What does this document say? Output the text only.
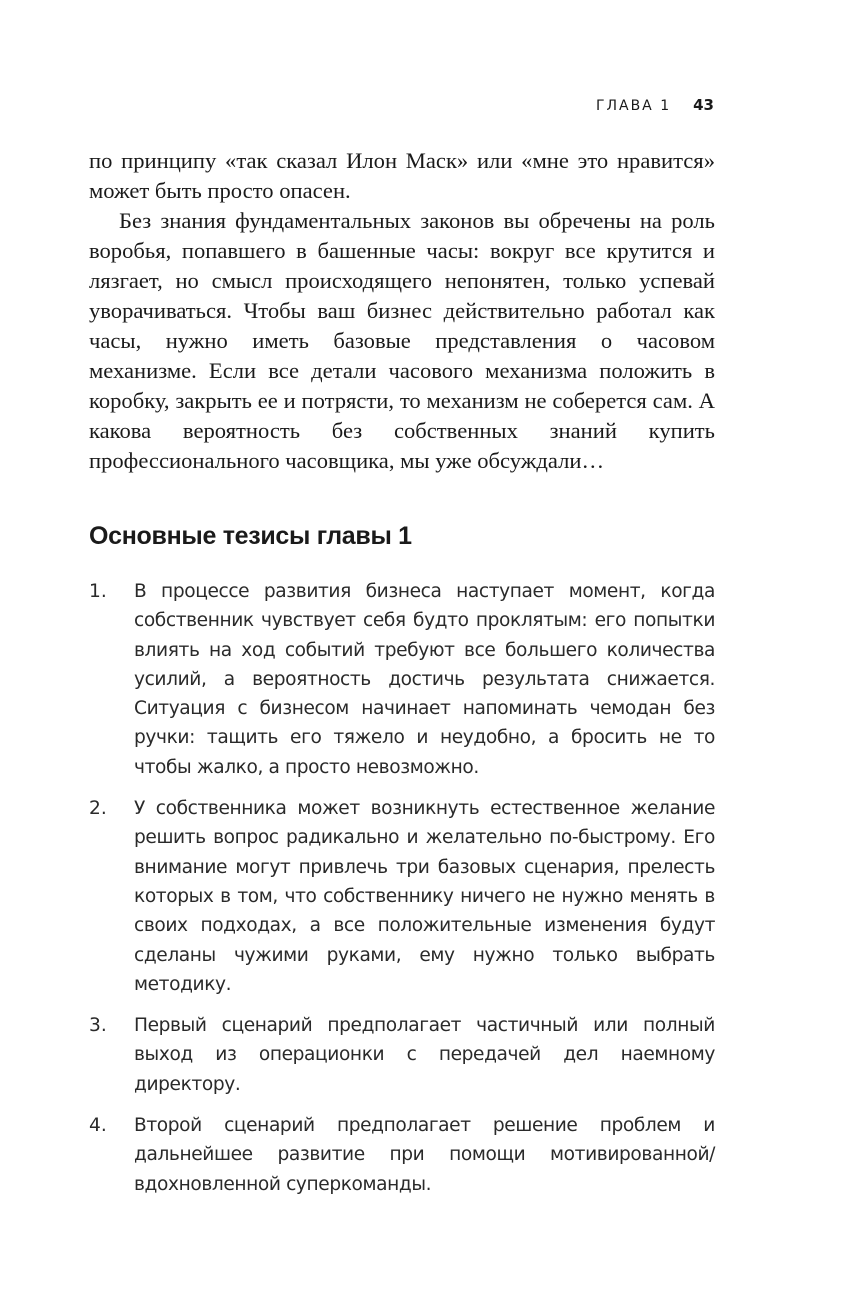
ГЛАВА 1 43

по принципу «так сказал Илон Маск» или «мне это нравится» может быть просто опасен.

Без знания фундаментальных законов вы обречены на роль воробья, попавшего в башенные часы: вокруг все крутится и лязгает, но смысл происходящего непонятен, только успевай уворачиваться. Чтобы ваш бизнес действительно работал как часы, нужно иметь базовые представления о часовом механизме. Если все детали часового механизма положить в коробку, закрыть ее и потрясти, то механизм не соберется сам. А какова вероятность без собственных знаний купить профессионального часовщика, мы уже обсуждали…

Основные тезисы главы 1
1.	В процессе развития бизнеса наступает момент, когда собственник чувствует себя будто проклятым: его попытки влиять на ход событий требуют все большего количества усилий, а вероятность достичь результата снижается. Ситуация с бизнесом начинает напоминать чемодан без ручки: тащить его тяжело и неудобно, а бросить не то чтобы жалко, а просто невозможно.
2.	У собственника может возникнуть естественное желание решить вопрос радикально и желательно по-быстрому. Его внимание могут привлечь три базовых сценария, прелесть которых в том, что собственнику ничего не нужно менять в своих подходах, а все положительные изменения будут сделаны чужими руками, ему нужно только выбрать методику.
3.	Первый сценарий предполагает частичный или полный выход из операционки с передачей дел наемному директору.
4.	Второй сценарий предполагает решение проблем и дальнейшее развитие при помощи мотивированной/вдохновленной суперкоманды.
